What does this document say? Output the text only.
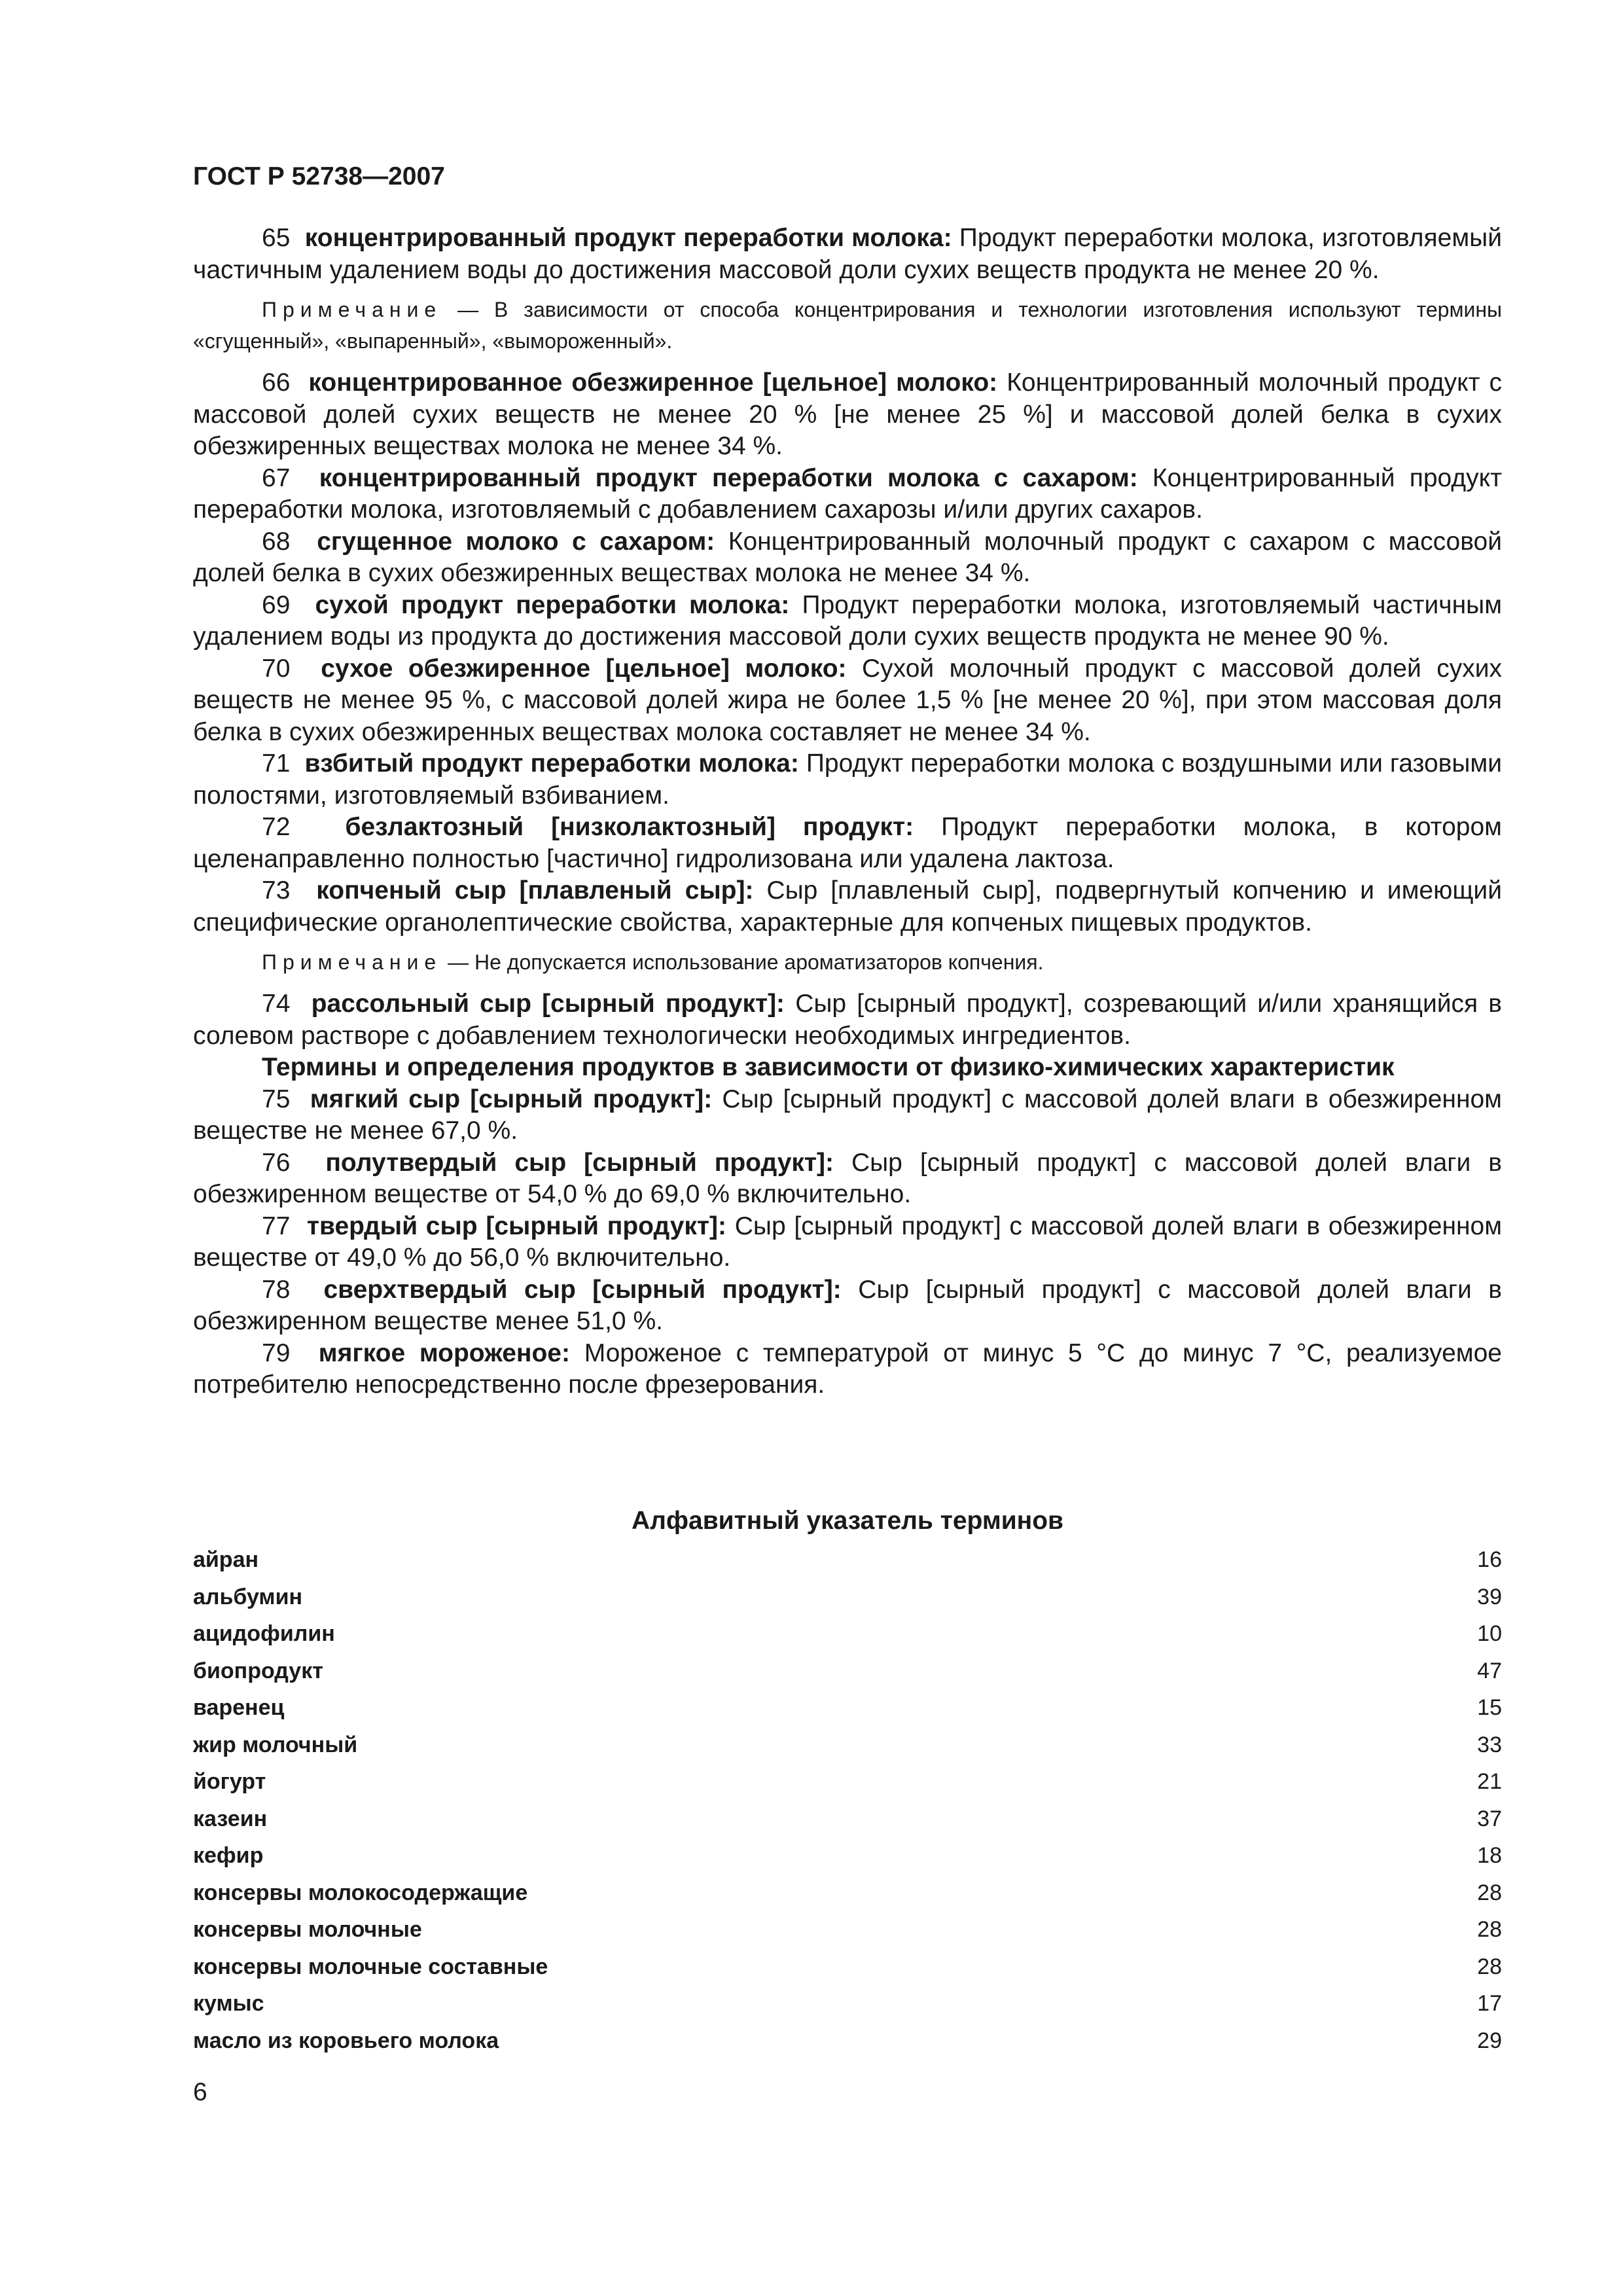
ГОСТ Р 52738—2007

65 концентрированный продукт переработки молока: Продукт переработки молока, изготовляемый частичным удалением воды до достижения массовой доли сухих веществ продукта не менее 20 %.

Примечание — В зависимости от способа концентрирования и технологии изготовления используют термины «сгущенный», «выпаренный», «вымороженный».

66 концентрированное обезжиренное [цельное] молоко: Концентрированный молочный продукт с массовой долей сухих веществ не менее 20 % [не менее 25 %] и массовой долей белка в сухих обезжиренных веществах молока не менее 34 %.

67 концентрированный продукт переработки молока с сахаром: Концентрированный продукт переработки молока, изготовляемый с добавлением сахарозы и/или других сахаров.

68 сгущенное молоко с сахаром: Концентрированный молочный продукт с сахаром с массовой долей белка в сухих обезжиренных веществах молока не менее 34 %.

69 сухой продукт переработки молока: Продукт переработки молока, изготовляемый частичным удалением воды из продукта до достижения массовой доли сухих веществ продукта не менее 90 %.

70 сухое обезжиренное [цельное] молоко: Сухой молочный продукт с массовой долей сухих веществ не менее 95 %, с массовой долей жира не более 1,5 % [не менее 20 %], при этом массовая доля белка в сухих обезжиренных веществах молока составляет не менее 34 %.

71 взбитый продукт переработки молока: Продукт переработки молока с воздушными или газовыми полостями, изготовляемый взбиванием.

72 безлактозный [низколактозный] продукт: Продукт переработки молока, в котором целенаправленно полностью [частично] гидролизована или удалена лактоза.

73 копченый сыр [плавленый сыр]: Сыр [плавленый сыр], подвергнутый копчению и имеющий специфические органолептические свойства, характерные для копченых пищевых продуктов.

Примечание — Не допускается использование ароматизаторов копчения.

74 рассольный сыр [сырный продукт]: Сыр [сырный продукт], созревающий и/или хранящийся в солевом растворе с добавлением технологически необходимых ингредиентов.

Термины и определения продуктов в зависимости от физико-химических характеристик

75 мягкий сыр [сырный продукт]: Сыр [сырный продукт] с массовой долей влаги в обезжиренном веществе не менее 67,0 %.

76 полутвердый сыр [сырный продукт]: Сыр [сырный продукт] с массовой долей влаги в обезжиренном веществе от 54,0 % до 69,0 % включительно.

77 твердый сыр [сырный продукт]: Сыр [сырный продукт] с массовой долей влаги в обезжиренном веществе от 49,0 % до 56,0 % включительно.

78 сверхтвердый сыр [сырный продукт]: Сыр [сырный продукт] с массовой долей влаги в обезжиренном веществе менее 51,0 %.

79 мягкое мороженое: Мороженое с температурой от минус 5 °С до минус 7 °С, реализуемое потребителю непосредственно после фрезерования.

Алфавитный указатель терминов
айран	16
альбумин	39
ацидофилин	10
биопродукт	47
варенец	15
жир молочный	33
йогурт	21
казеин	37
кефир	18
консервы молокосодержащие	28
консервы молочные	28
консервы молочные составные	28
кумыс	17
масло из коровьего молока	29
6
